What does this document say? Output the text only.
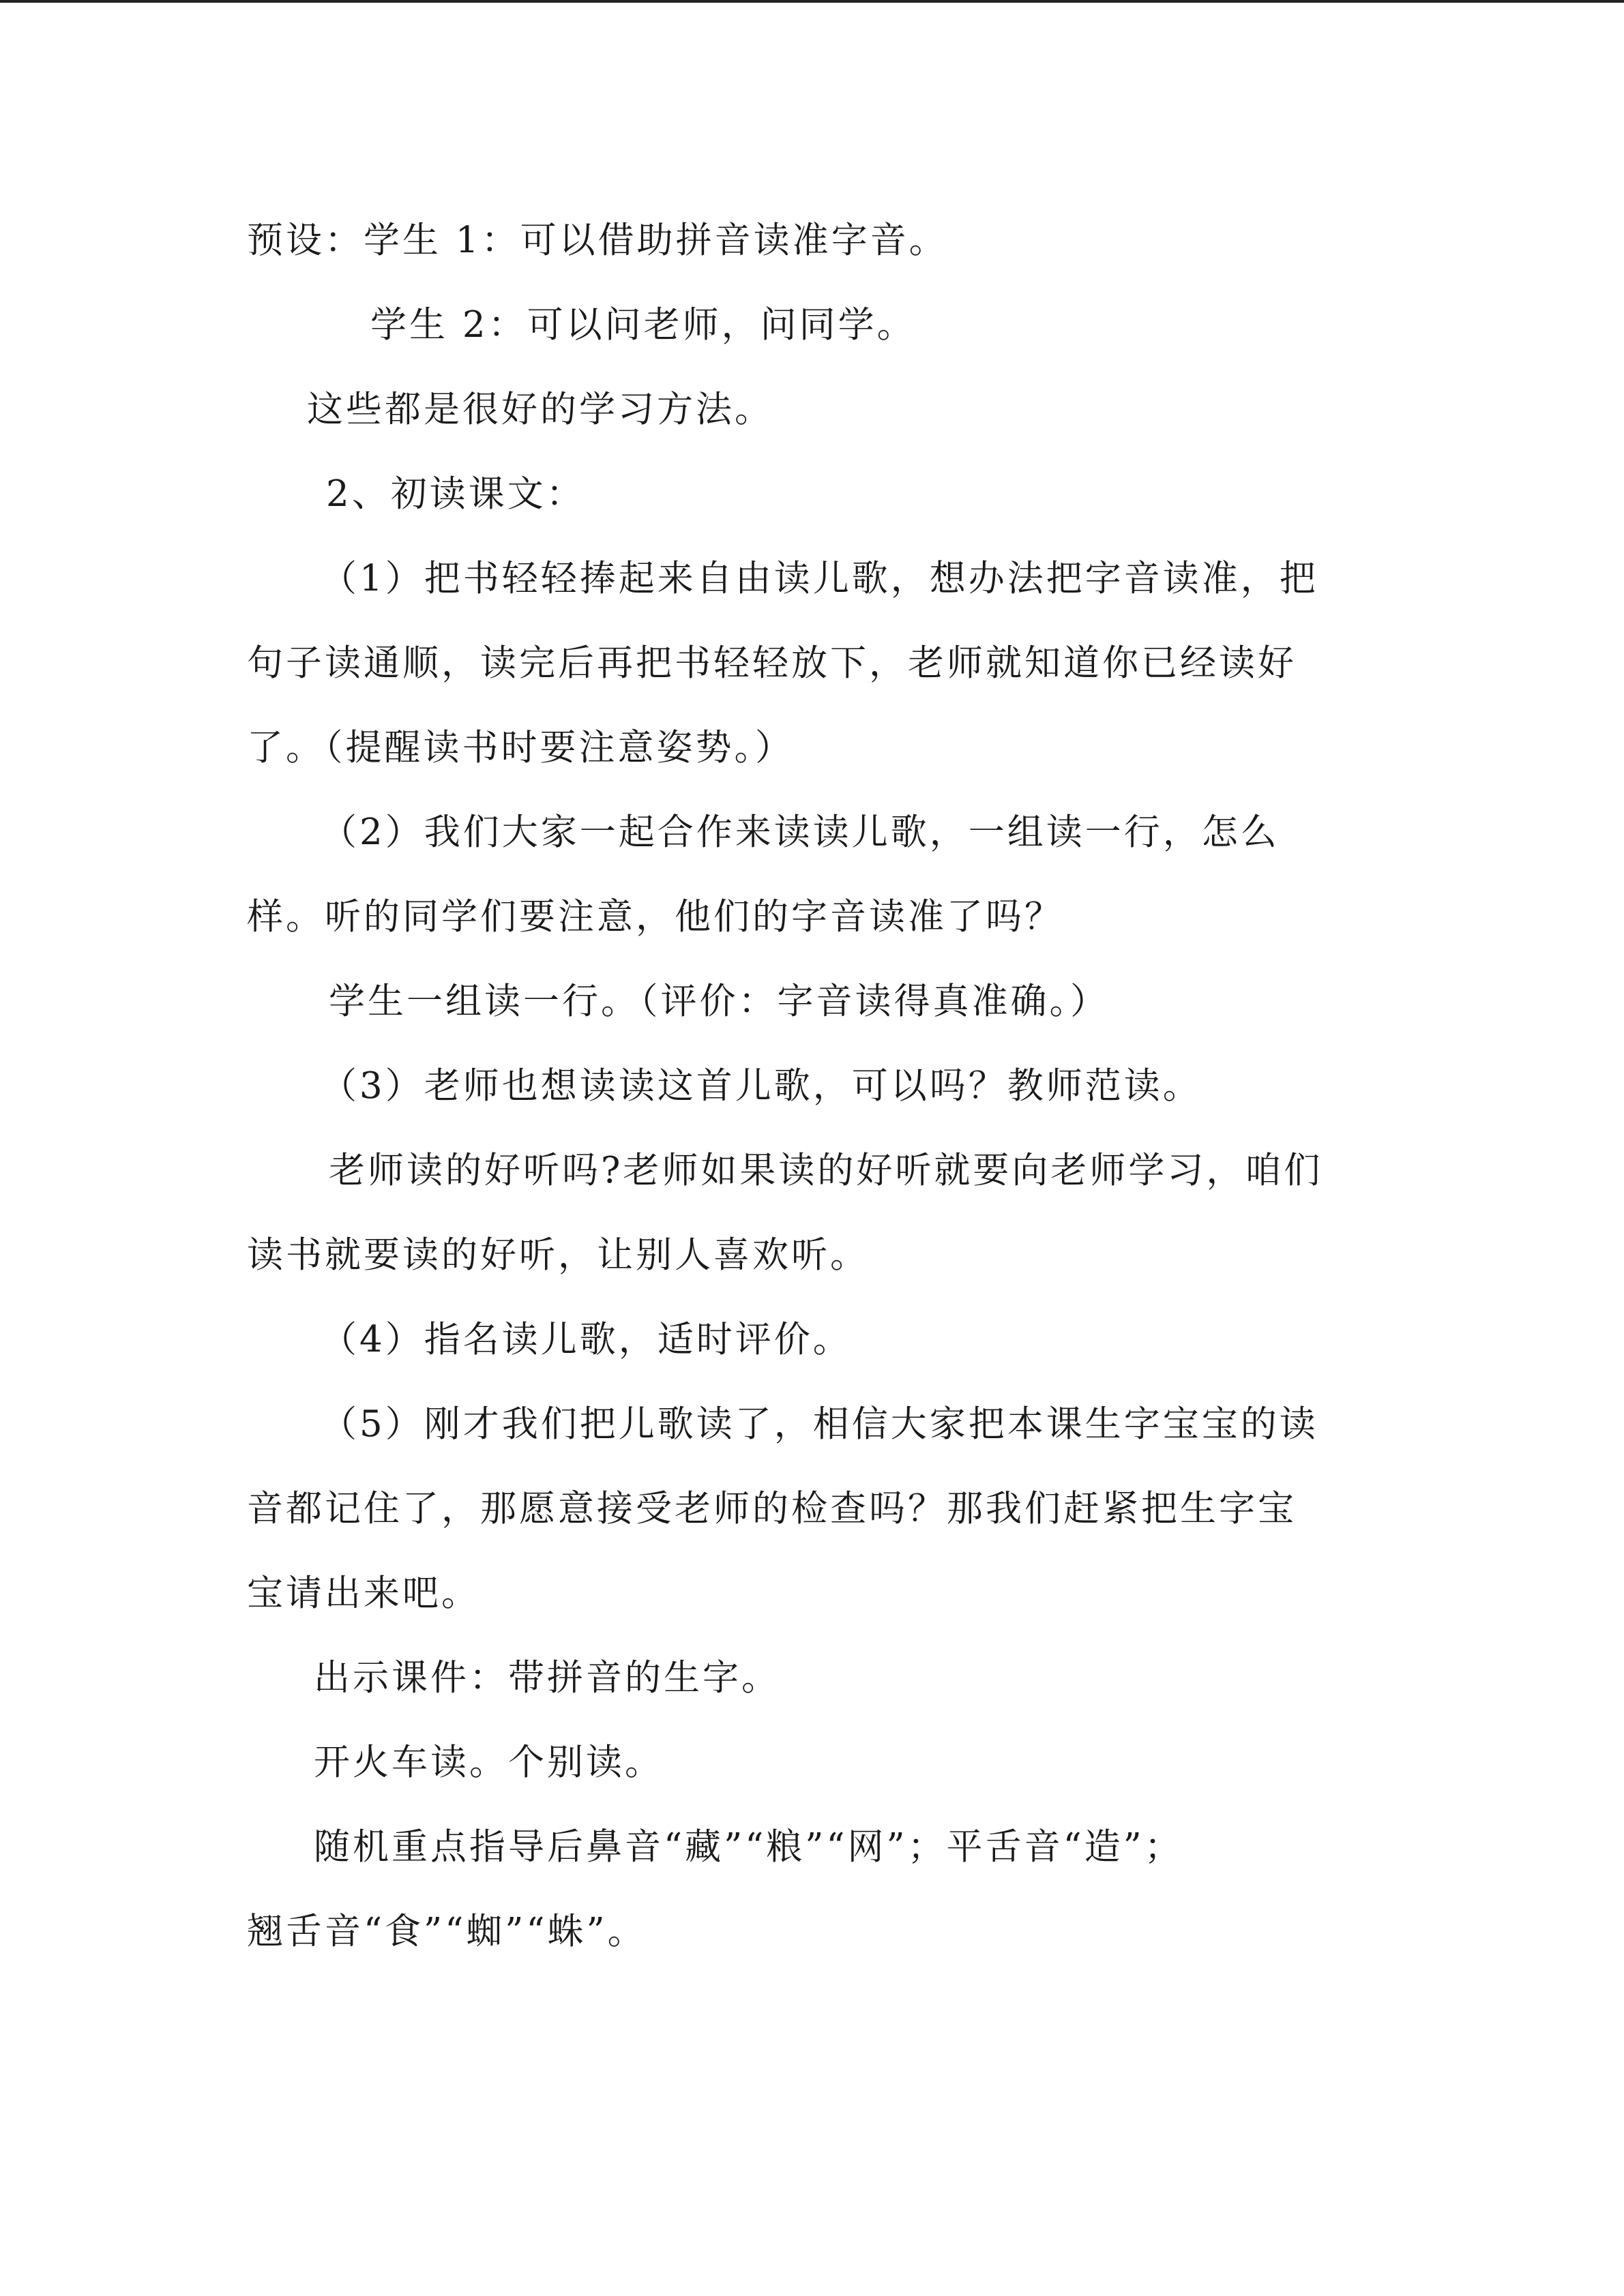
预设：学生 1：可以借助拼音读准字音。
学生 2：可以问老师，问同学。
这些都是很好的学习方法。
2、初读课文：
（1）把书轻轻捧起来自由读儿歌，想办法把字音读准，把
句子读通顺，读完后再把书轻轻放下，老师就知道你已经读好
了。（提醒读书时要注意姿势。）
（2）我们大家一起合作来读读儿歌，一组读一行，怎么
样。听的同学们要注意，他们的字音读准了吗？
学生一组读一行。（评价：字音读得真准确。）
（3）老师也想读读这首儿歌，可以吗？教师范读。
老师读的好听吗?老师如果读的好听就要向老师学习，咱们
读书就要读的好听，让别人喜欢听。
（4）指名读儿歌，适时评价。
（5）刚才我们把儿歌读了，相信大家把本课生字宝宝的读
音都记住了，那愿意接受老师的检查吗？那我们赶紧把生字宝
宝请出来吧。
出示课件：带拼音的生字。
开火车读。个别读。
随机重点指导后鼻音“藏”“粮”“网”；平舌音“造”；
翘舌音“食”“蜘”“蛛”。
